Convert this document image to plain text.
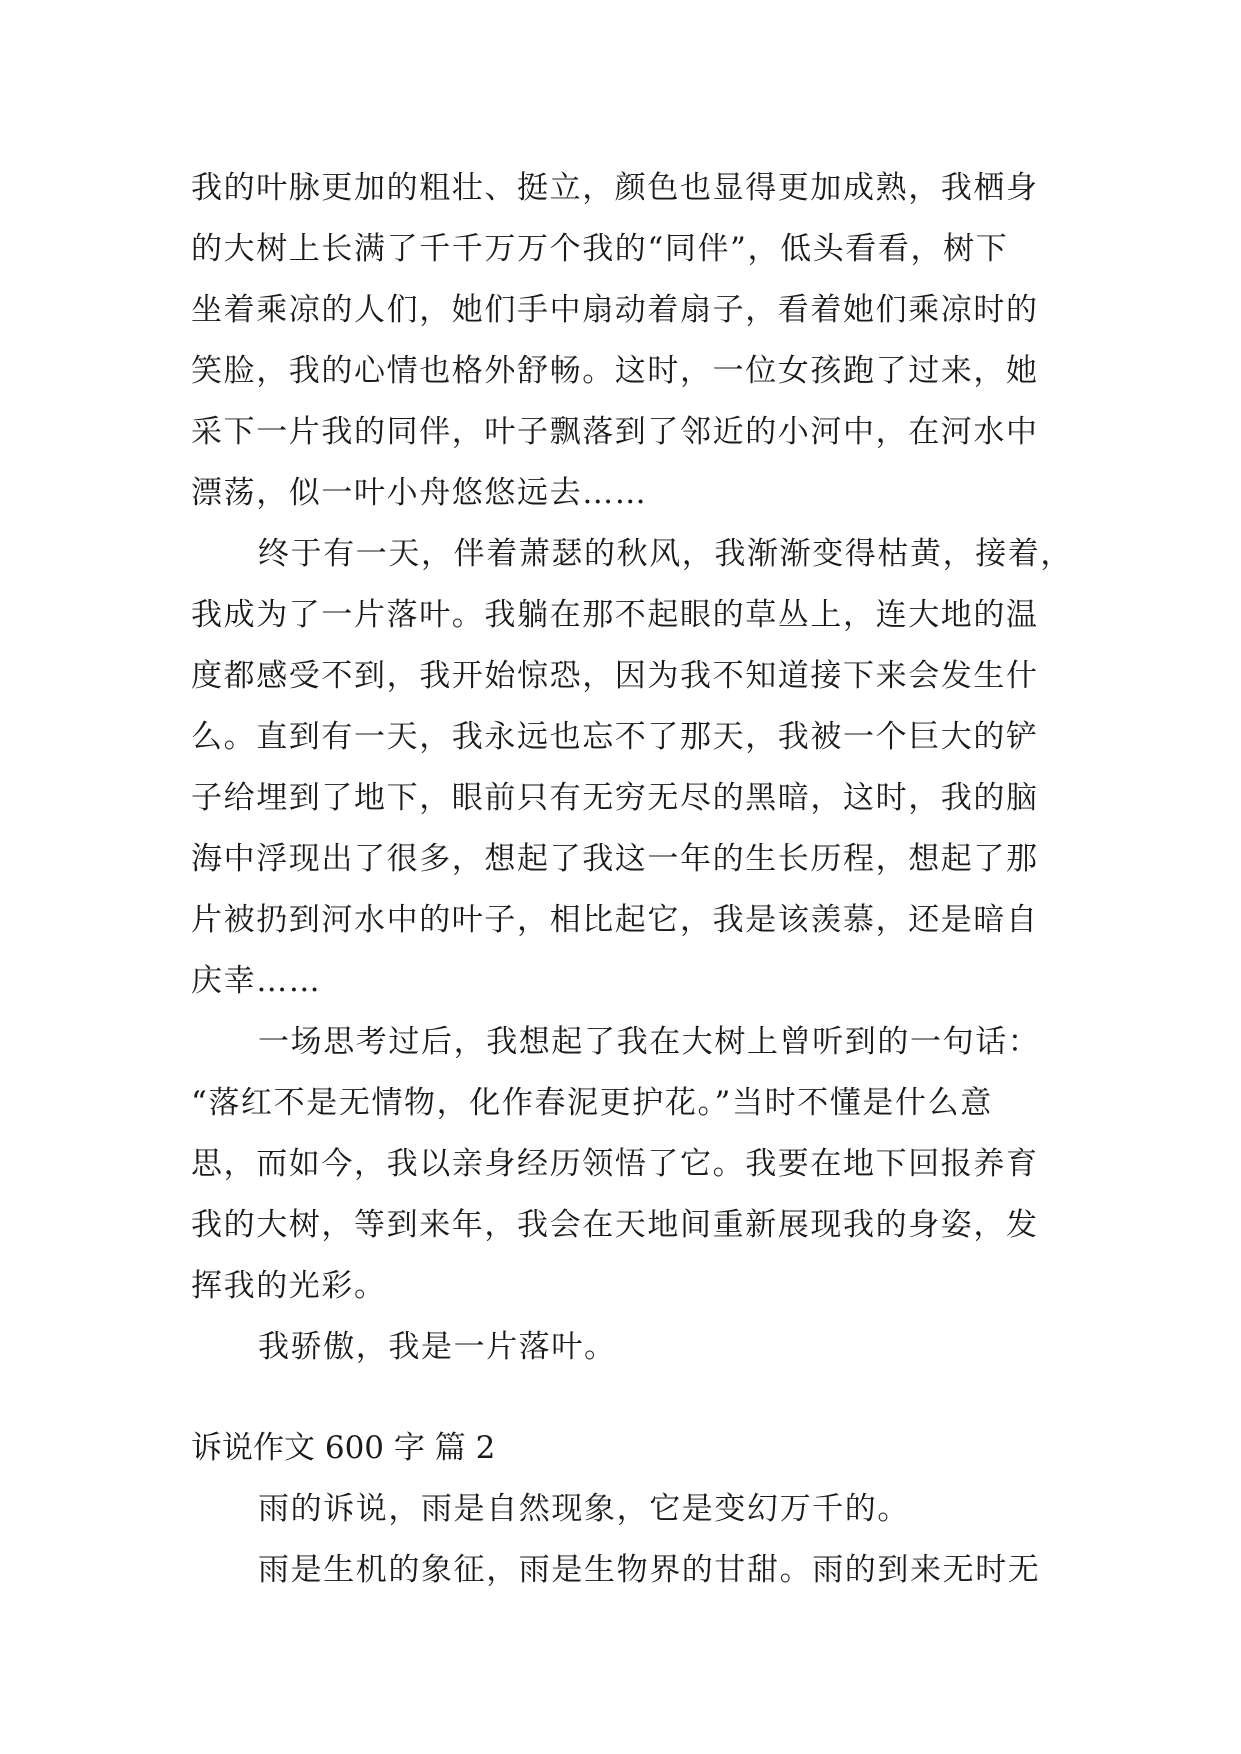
我的叶脉更加的粗壮、挺立，颜色也显得更加成熟，我栖身
的大树上长满了千千万万个我的“同伴”，低头看看，树下
坐着乘凉的人们，她们手中扇动着扇子，看着她们乘凉时的
笑脸，我的心情也格外舒畅。这时，一位女孩跑了过来，她
采下一片我的同伴，叶子飘落到了邻近的小河中，在河水中
漂荡，似一叶小舟悠悠远去……
终于有一天，伴着萧瑟的秋风，我渐渐变得枯黄，接着，
我成为了一片落叶。我躺在那不起眼的草丛上，连大地的温
度都感受不到，我开始惊恐，因为我不知道接下来会发生什
么。直到有一天，我永远也忘不了那天，我被一个巨大的铲
子给埋到了地下，眼前只有无穷无尽的黑暗，这时，我的脑
海中浮现出了很多，想起了我这一年的生长历程，想起了那
片被扔到河水中的叶子，相比起它，我是该羡慕，还是暗自
庆幸……
一场思考过后，我想起了我在大树上曾听到的一句话：
“落红不是无情物，化作春泥更护花。”当时不懂是什么意
思，而如今，我以亲身经历领悟了它。我要在地下回报养育
我的大树，等到来年，我会在天地间重新展现我的身姿，发
挥我的光彩。
我骄傲，我是一片落叶。
诉说作文 600 字 篇 2
雨的诉说，雨是自然现象，它是变幻万千的。
雨是生机的象征，雨是生物界的甘甜。雨的到来无时无
